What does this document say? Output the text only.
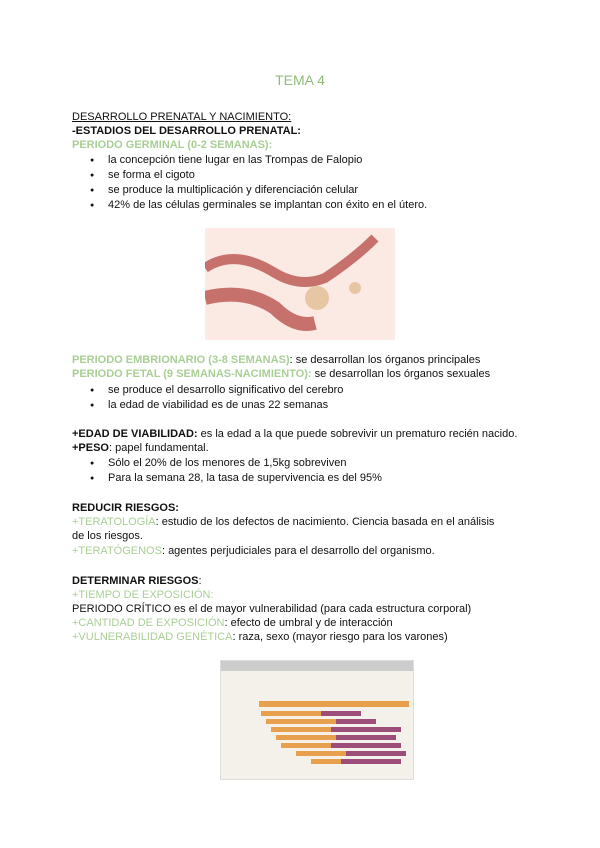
TEMA 4
DESARROLLO PRENATAL Y NACIMIENTO:
-ESTADIOS DEL DESARROLLO PRENATAL:
PERIODO GERMINAL (0-2 SEMANAS):
● la concepción tiene lugar en las Trompas de Falopio
● se forma el cigoto
● se produce la multiplicación y diferenciación celular
● 42% de las células germinales se implantan con éxito en el útero.
PERIODO EMBRIONARIO (3-8 SEMANAS): se desarrollan los órganos principales
PERIODO FETAL (9 SEMANAS-NACIMIENTO): se desarrollan los órganos sexuales
● se produce el desarrollo significativo del cerebro
● la edad de viabilidad es de unas 22 semanas
+EDAD DE VIABILIDAD: es la edad a la que puede sobrevivir un prematuro recién nacido.
+PESO: papel fundamental.
● Sólo el 20% de los menores de 1,5kg sobreviven
● Para la semana 28, la tasa de supervivencia es del 95%
REDUCIR RIESGOS:
+TERATOLOGÍA: estudio de los defectos de nacimiento. Ciencia basada en el análisis
de los riesgos.
+TERATÓGENOS: agentes perjudiciales para el desarrollo del organismo.
DETERMINAR RIESGOS:
+TIEMPO DE EXPOSICIÓN:
PERIODO CRÍTICO es el de mayor vulnerabilidad (para cada estructura corporal)
+CANTIDAD DE EXPOSICIÓN: efecto de umbral y de interacción
+VULNERABILIDAD GENÉTICA: raza, sexo (mayor riesgo para los varones)
